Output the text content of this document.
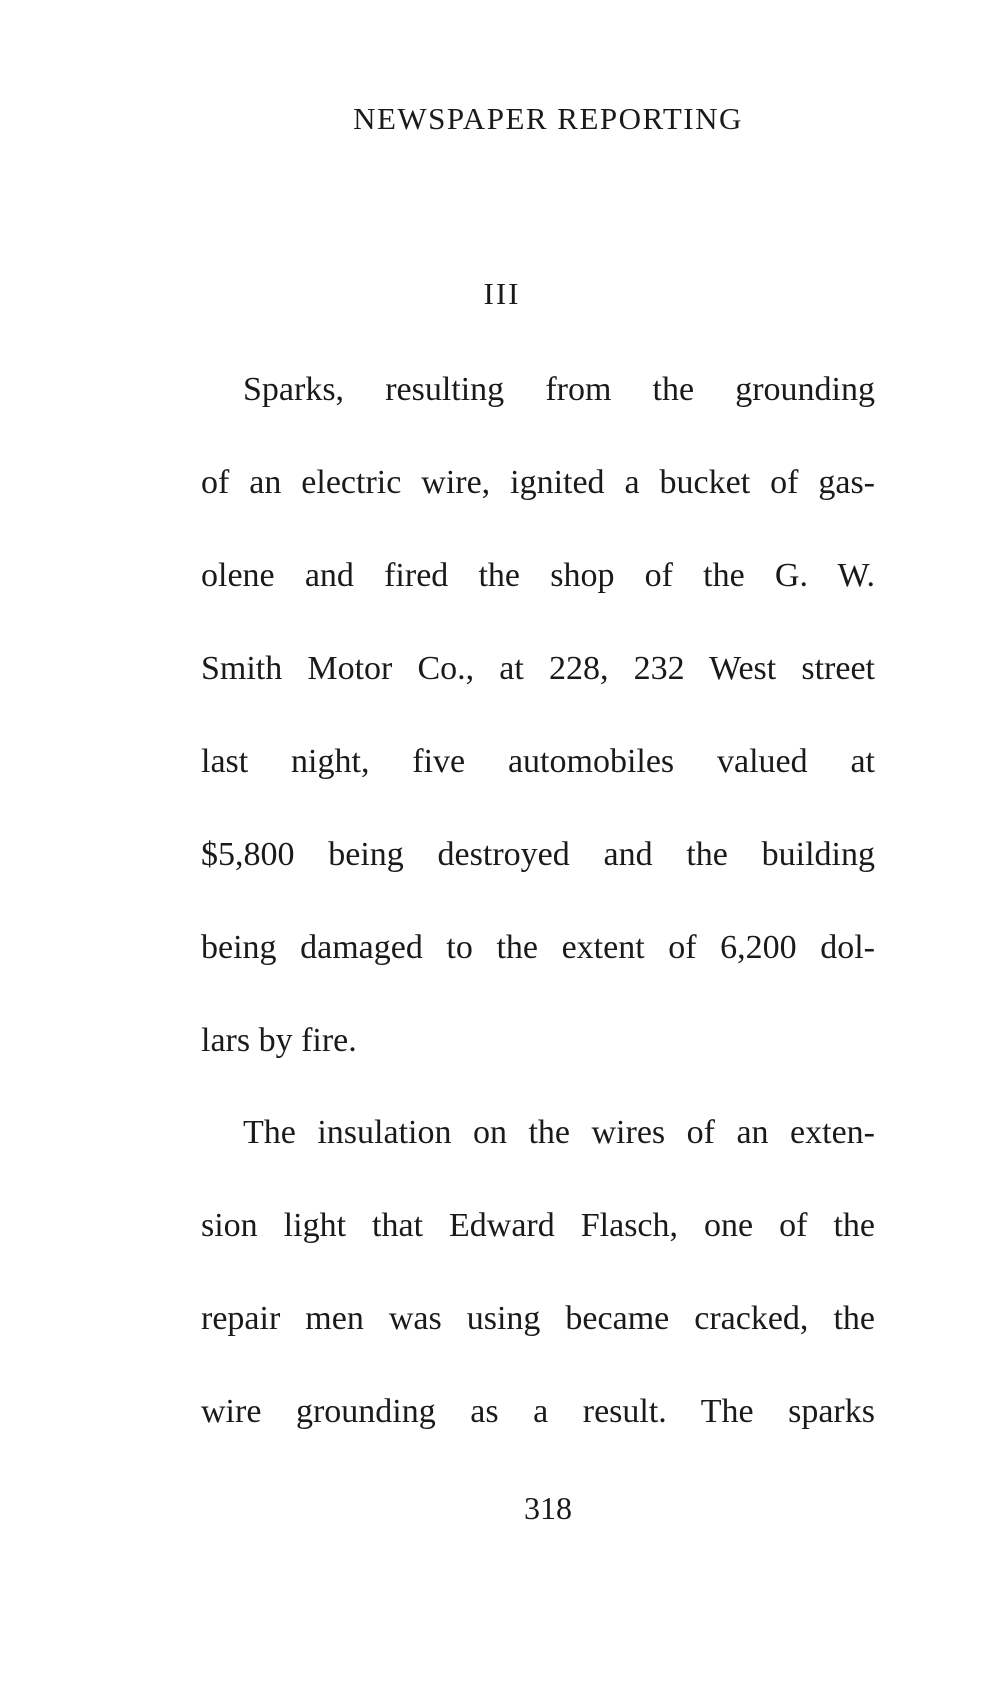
NEWSPAPER REPORTING
III
Sparks, resulting from the grounding
of an electric wire, ignited a bucket of gas-
olene and fired the shop of the G. W.
Smith Motor Co., at 228, 232 West street
last night, five automobiles valued at
$5,800 being destroyed and the building
being damaged to the extent of 6,200 dol-
lars by fire.
The insulation on the wires of an exten-
sion light that Edward Flasch, one of the
repair men was using became cracked, the
wire grounding as a result. The sparks
318
